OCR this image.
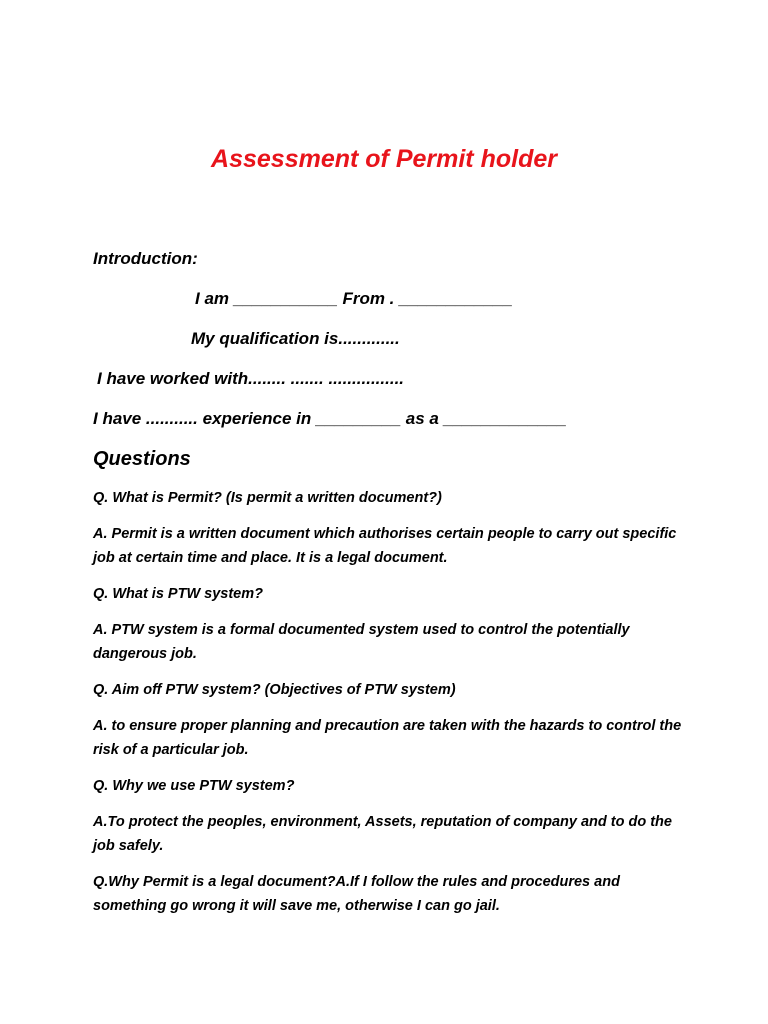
Assessment of Permit holder

Introduction:

I am ___________ From . ____________

My qualification is.............

I have worked with........ ....... ................

I have ........... experience in _________ as a _____________

Questions

Q. What is Permit? (Is permit a written document?)

A. Permit is a written document which authorises certain people to carry out specific job at certain time and place. It is a legal document.

Q. What is PTW system?

A. PTW system is a formal documented system used to control the potentially dangerous job.

Q. Aim off PTW system? (Objectives of PTW system)

A. to ensure proper planning and precaution are taken with the hazards to control the risk of a particular job.

Q. Why we use PTW system?

A.To protect the peoples, environment, Assets, reputation of company and to do the job safely.

Q.Why Permit is a legal document?A.If I follow the rules and procedures and something go wrong it will save me, otherwise I can go jail.
